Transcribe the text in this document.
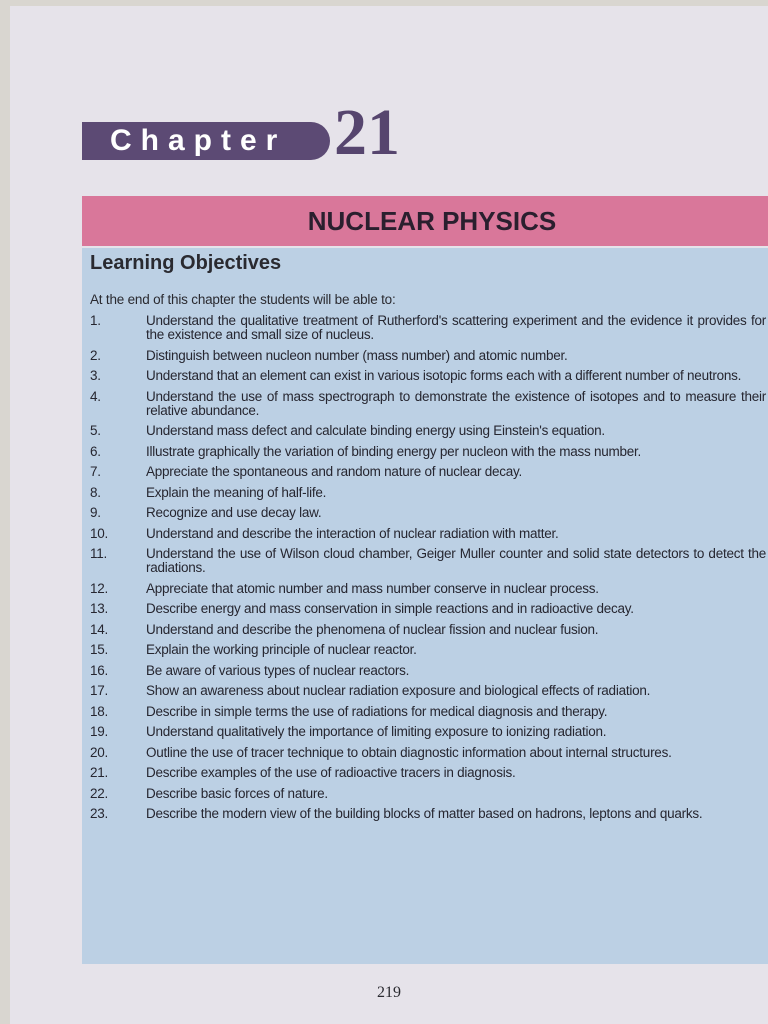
Chapter 21
NUCLEAR PHYSICS
Learning Objectives
At the end of this chapter the students will be able to:
1.	Understand the qualitative treatment of Rutherford's scattering experiment and the evidence it provides for the existence and small size of nucleus.
2.	Distinguish between nucleon number (mass number) and atomic number.
3.	Understand that an element can exist in various isotopic forms each with a different number of neutrons.
4.	Understand the use of mass spectrograph to demonstrate the existence of isotopes and to measure their relative abundance.
5.	Understand mass defect and calculate binding energy using Einstein's equation.
6.	Illustrate graphically the variation of binding energy per nucleon with the mass number.
7.	Appreciate the spontaneous and random nature of nuclear decay.
8.	Explain the meaning of half-life.
9.	Recognize and use decay law.
10.	Understand and describe the interaction of nuclear radiation with matter.
11.	Understand the use of Wilson cloud chamber, Geiger Muller counter and solid state detectors to detect the radiations.
12.	Appreciate that atomic number and mass number conserve in nuclear process.
13.	Describe energy and mass conservation in simple reactions and in radioactive decay.
14.	Understand and describe the phenomena of nuclear fission and nuclear fusion.
15.	Explain the working principle of nuclear reactor.
16.	Be aware of various types of nuclear reactors.
17.	Show an awareness about nuclear radiation exposure and biological effects of radiation.
18.	Describe in simple terms the use of radiations for medical diagnosis and therapy.
19.	Understand qualitatively the importance of limiting exposure to ionizing radiation.
20.	Outline the use of tracer technique to obtain diagnostic information about internal structures.
21.	Describe examples of the use of radioactive tracers in diagnosis.
22.	Describe basic forces of nature.
23.	Describe the modern view of the building blocks of matter based on hadrons, leptons and quarks.
219
